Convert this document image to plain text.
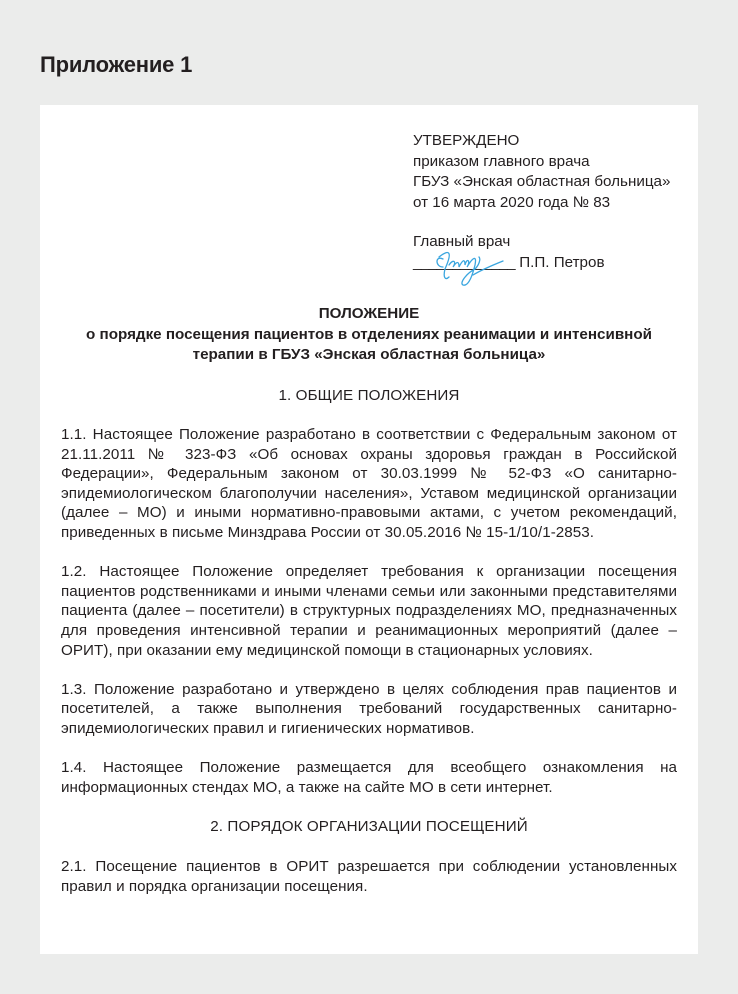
Приложение 1
УТВЕРЖДЕНО
приказом главного врача
ГБУЗ «Энская областная больница»
от 16 марта 2020 года № 83
Главный врач
_____________ П.П. Петров
ПОЛОЖЕНИЕ
о порядке посещения пациентов в отделениях реанимации и интенсивной
терапии в ГБУЗ «Энская областная больница»
1. ОБЩИЕ ПОЛОЖЕНИЯ
1.1. Настоящее Положение разработано в соответствии с Федеральным законом от 21.11.2011 № 323-ФЗ «Об основах охраны здоровья граждан в Российской Федерации», Федеральным законом от 30.03.1999 № 52-ФЗ «О санитарно-эпидемиологическом благополучии населения», Уставом медицинской организации (далее – МО) и иными нормативно-правовыми актами, с учетом рекомендаций, приведенных в письме Минздрава России от 30.05.2016 № 15-1/10/1-2853.
1.2. Настоящее Положение определяет требования к организации посещения пациентов родственниками и иными членами семьи или законными представителями пациента (далее – посетители) в структурных подразделениях МО, предназначенных для проведения интенсивной терапии и реанимационных мероприятий (далее – ОРИТ), при оказании ему медицинской помощи в стационарных условиях.
1.3. Положение разработано и утверждено в целях соблюдения прав пациентов и посетителей, а также выполнения требований государственных санитарно-эпидемиологических правил и гигиенических нормативов.
1.4. Настоящее Положение размещается для всеобщего ознакомления на информационных стендах МО, а также на сайте МО в сети интернет.
2. ПОРЯДОК ОРГАНИЗАЦИИ ПОСЕЩЕНИЙ
2.1. Посещение пациентов в ОРИТ разрешается при соблюдении установленных правил и порядка организации посещения.
